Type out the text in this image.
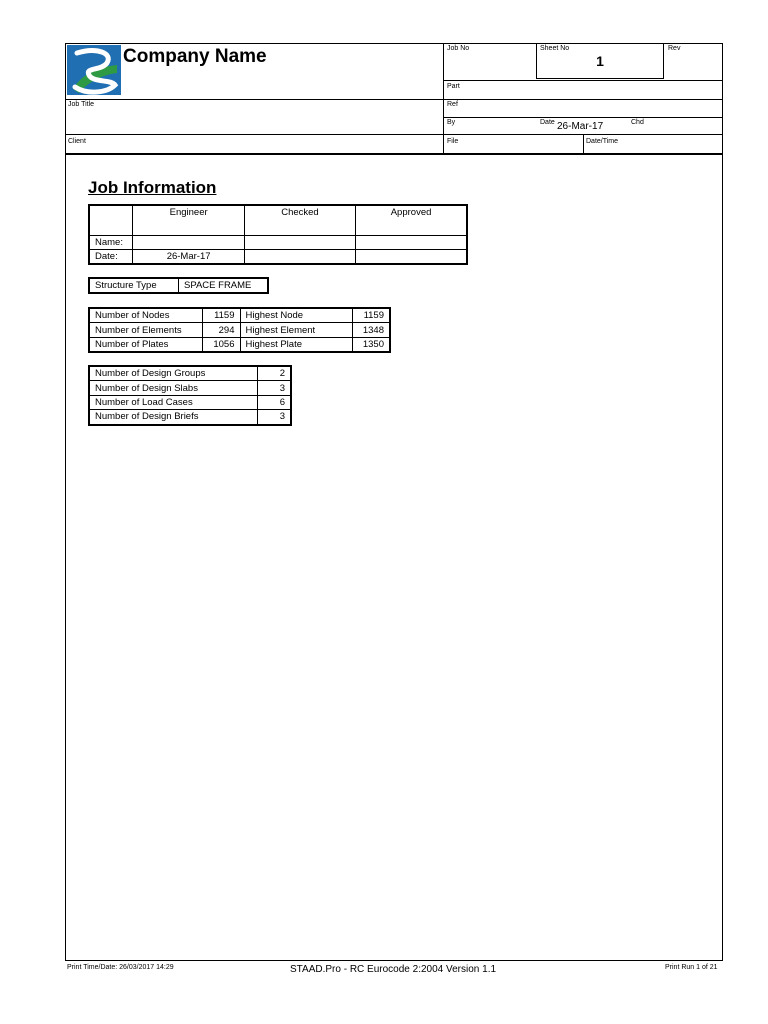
Company Name	Job No	Sheet No
1
Rev
Part
Job Title	Ref
By	Date 26-Mar-17	Chd
Client	File	Date/Time
Job Information
	Engineer	Checked	Approved
Name:			
Date:	26-Mar-17		
Structure Type	SPACE FRAME
Number of Nodes	1159	Highest Node	1159
Number of Elements	294	Highest Element	1348
Number of Plates	1056	Highest Plate	1350
Number of Design Groups	2
Number of Design Slabs	3
Number of Load Cases	6
Number of Design Briefs	3
Print Time/Date: 26/03/2017 14:29	STAAD.Pro - RC Eurocode 2:2004 Version 1.1	Print Run 1 of 21
